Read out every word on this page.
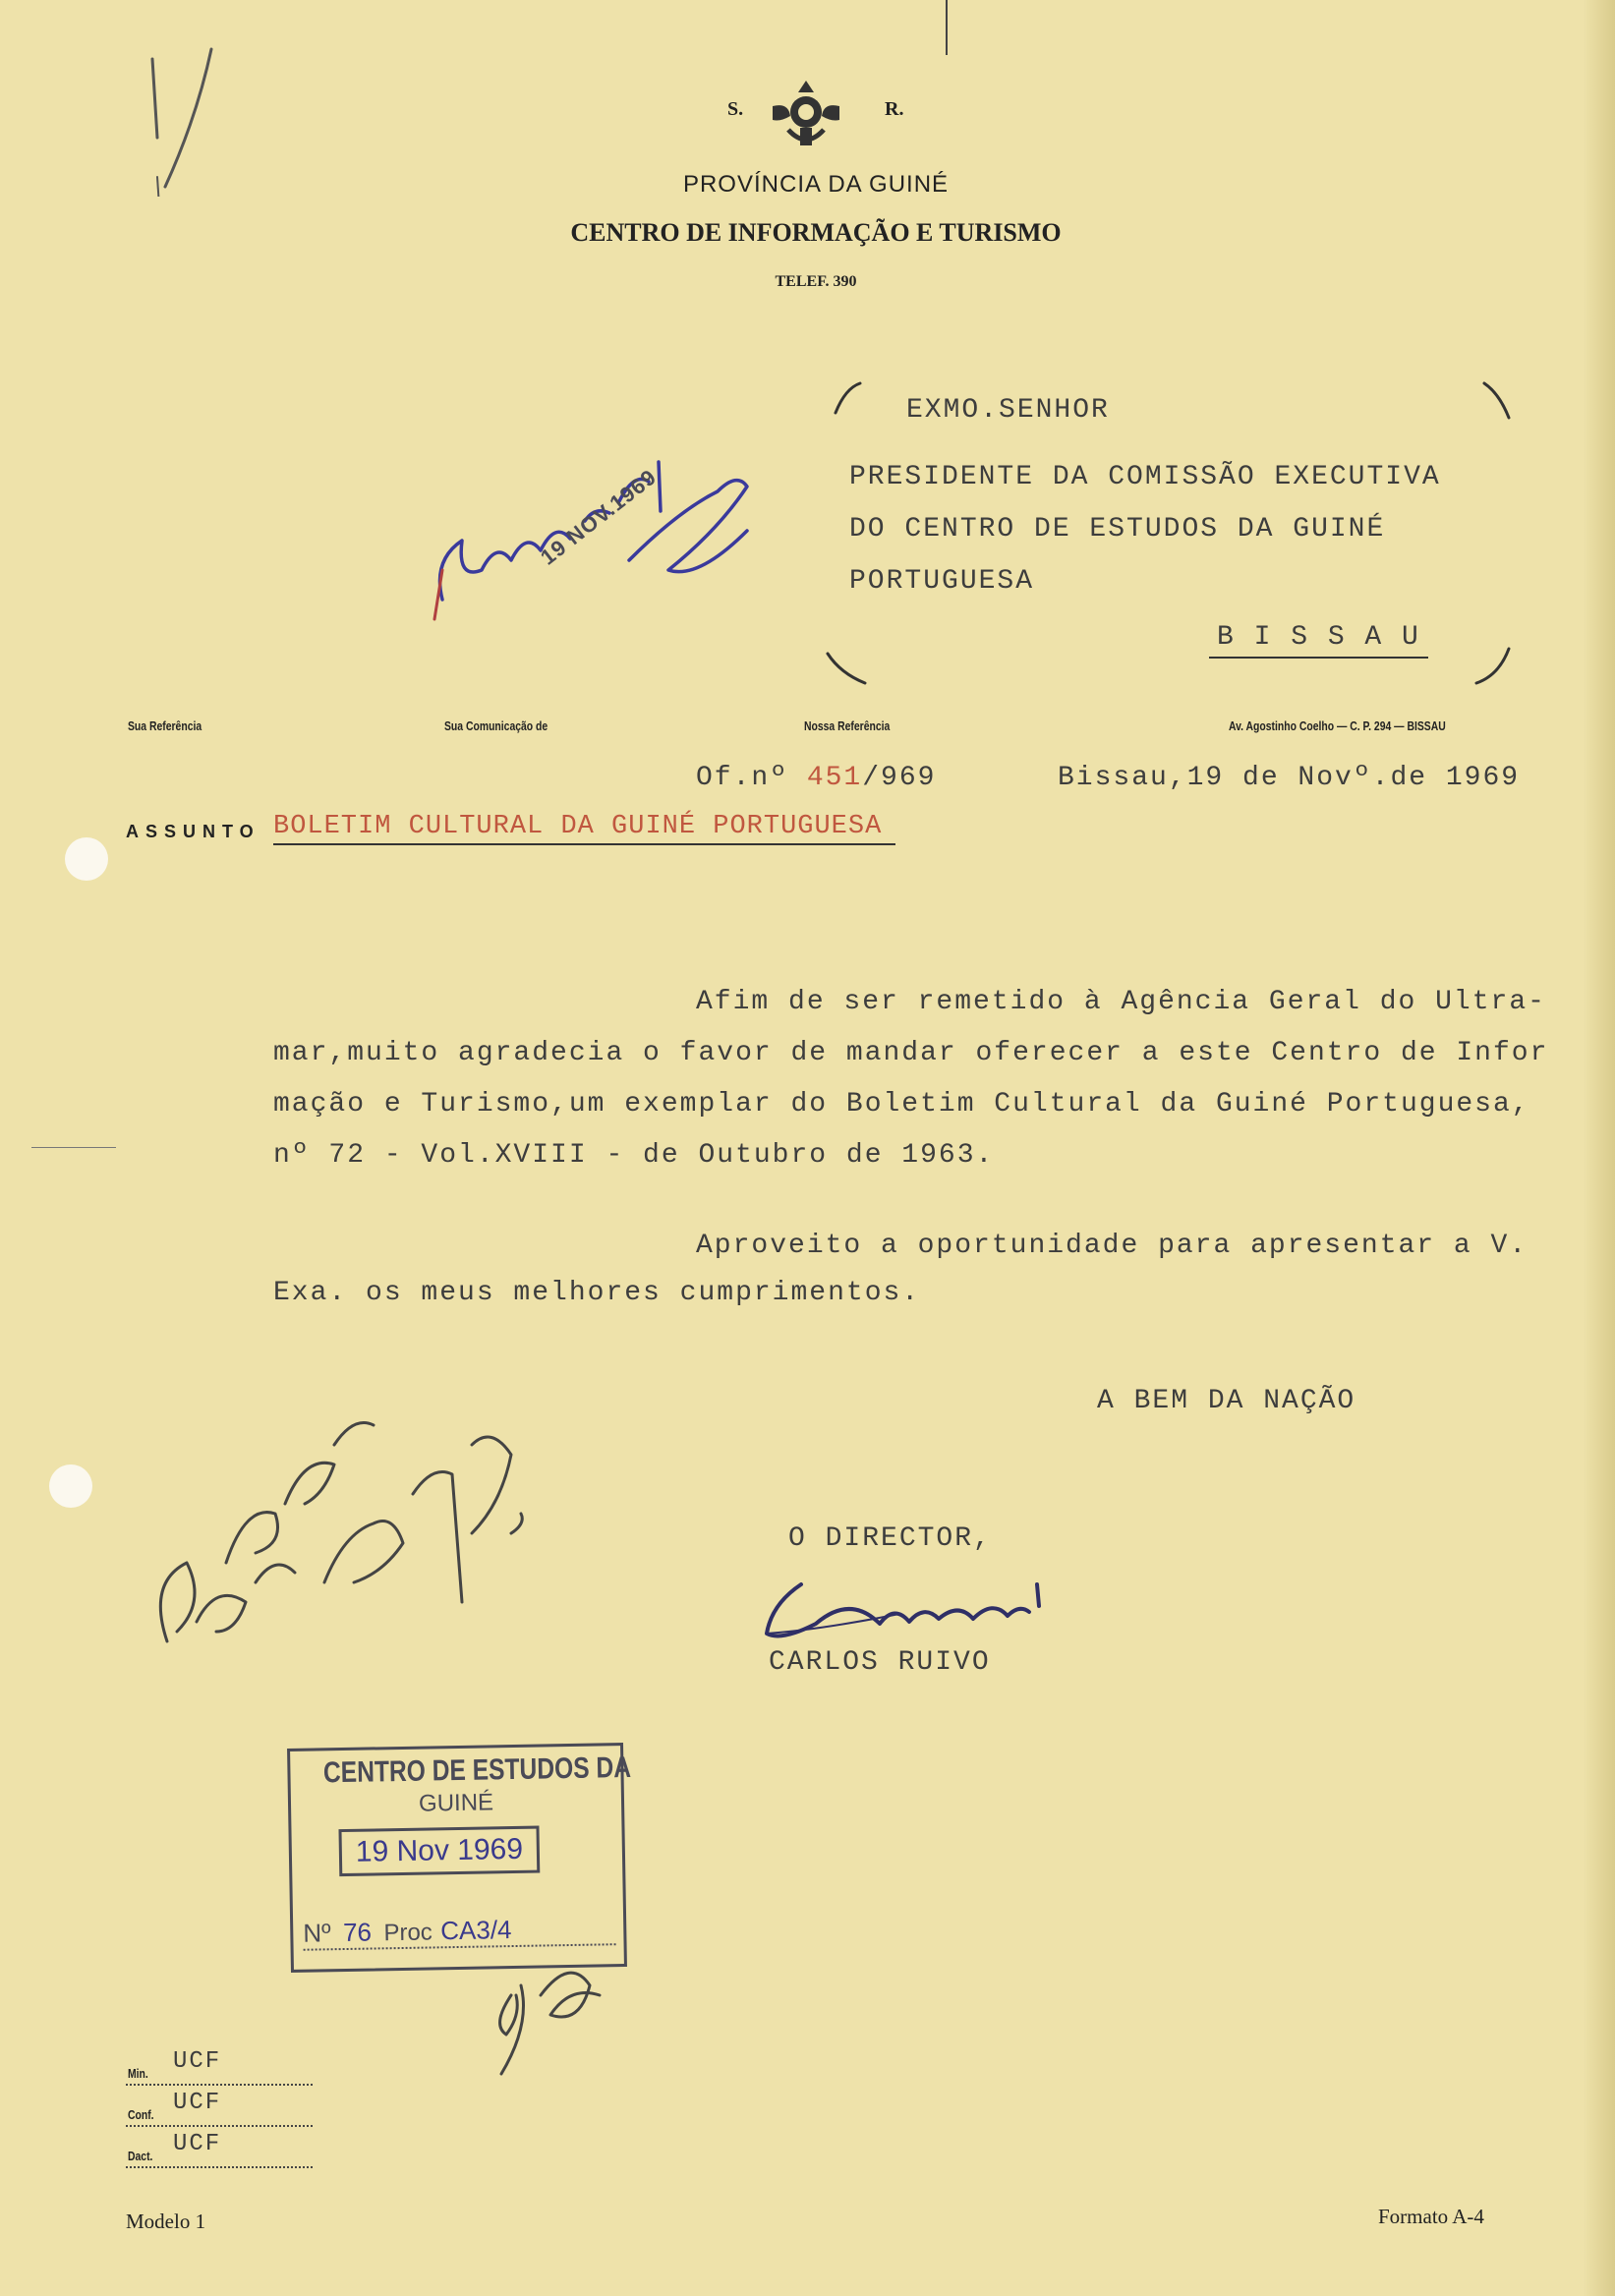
S.	R.
PROVÍNCIA DA GUINÉ
CENTRO DE INFORMAÇÃO E TURISMO
TELEF. 390
EXMO.SENHOR
PRESIDENTE DA COMISSÃO EXECUTIVA
DO CENTRO DE ESTUDOS DA GUINÉ
PORTUGUESA
B I S S A U
Sua Referência	Sua Comunicação de	Nossa Referência	Av. Agostinho Coelho — C. P. 294 — BISSAU
Of.nº 451/969	Bissau,19 de Novº.de 1969
ASSUNTO BOLETIM CULTURAL DA GUINÉ PORTUGUESA
Afim de ser remetido à Agência Geral do Ultra-
mar,muito agradecia o favor de mandar oferecer a este Centro de Infor
mação e Turismo,um exemplar do Boletim Cultural da Guiné Portuguesa,
nº 72 - Vol.XVIII - de Outubro de 1963.
Aproveito a oportunidade para apresentar a V.
Exa. os meus melhores cumprimentos.
A BEM DA NAÇÃO
O DIRECTOR,
CARLOS RUIVO
19 NOV.1969
CENTRO DE ESTUDOS DA
GUINÉ
19 Nov 1969
Nº 76 Proc CA3/4
Min. UCF
Conf. UCF
Dact. UCF
Modelo 1	Formato A-4
